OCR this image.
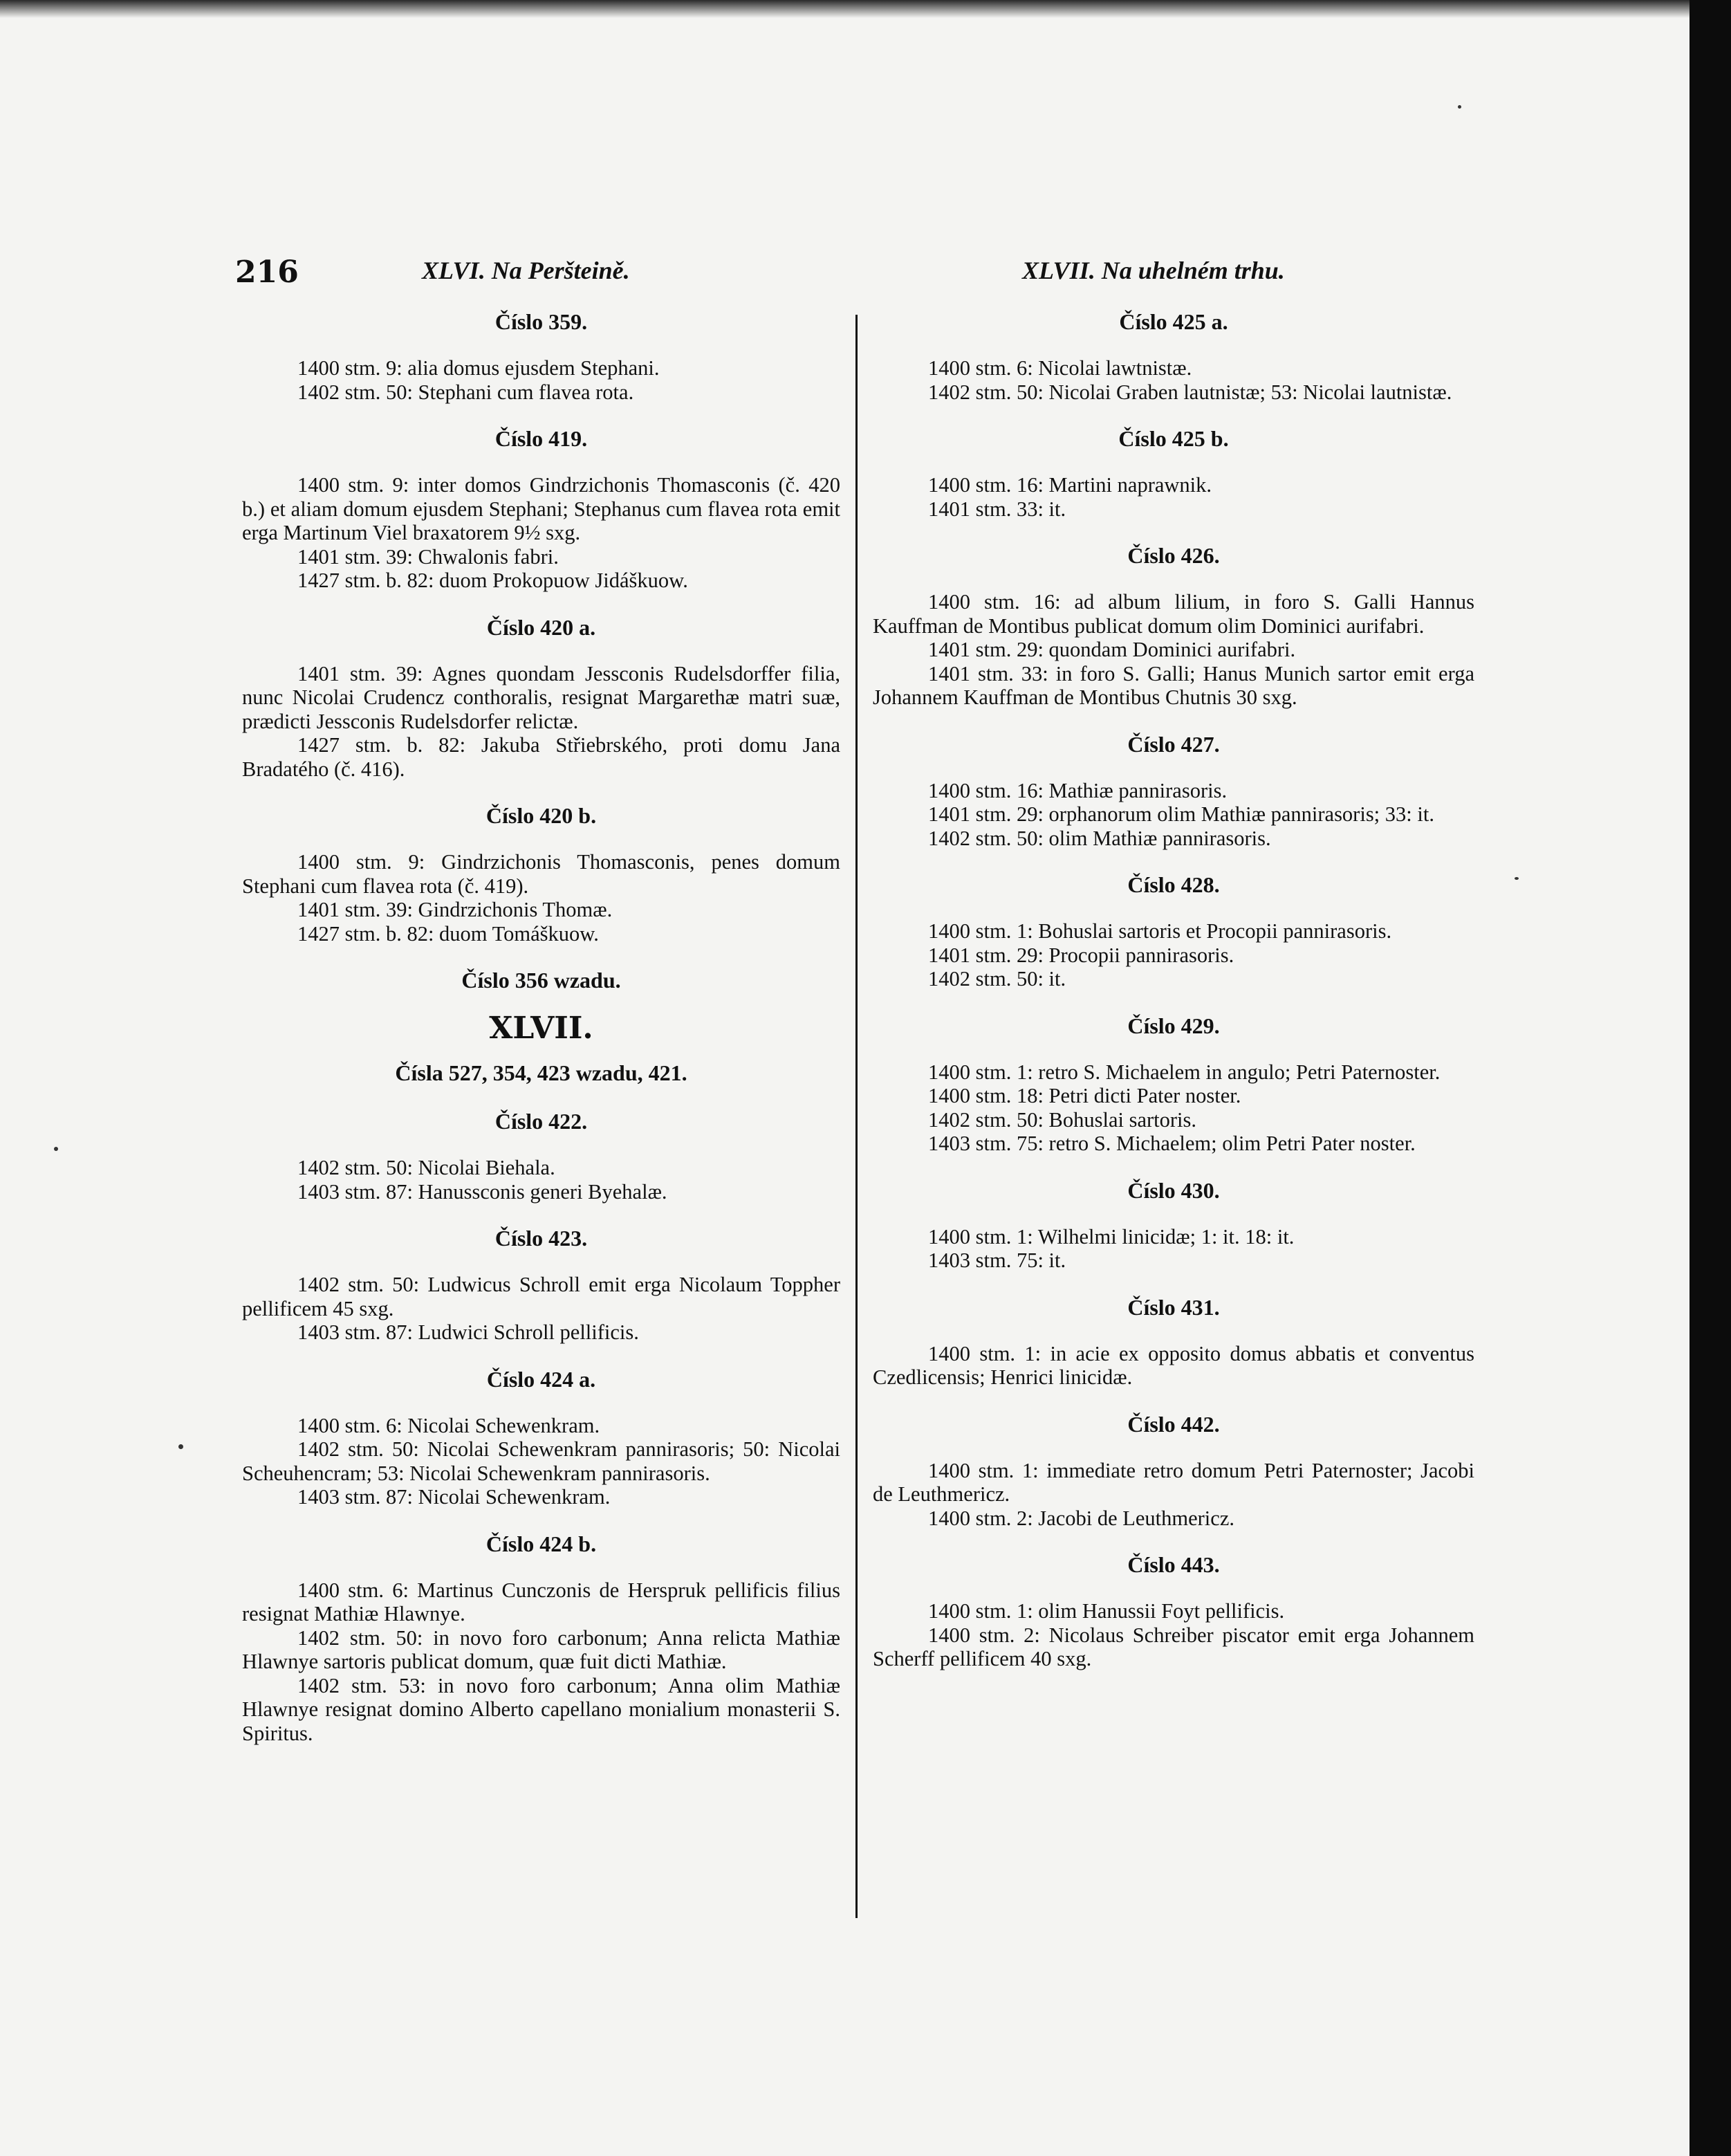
216	XLVI. Na Peršteině.	XLVII. Na uhelném trhu.

Číslo 359.

1400 stm. 9: alia domus ejusdem Stephani.

1402 stm. 50: Stephani cum flavea rota.

Číslo 419.

1400 stm. 9: inter domos Gindrzichonis Thomasconis (č. 420 b.) et aliam domum ejusdem Stephani; Stephanus cum flavea rota emit erga Martinum Viel braxatorem 9½ sxg.

1401 stm. 39: Chwalonis fabri.

1427 stm. b. 82: duom Prokopuow Jidáškuow.

Číslo 420 a.

1401 stm. 39: Agnes quondam Jessconis Rudelsdorffer filia, nunc Nicolai Crudencz conthoralis, resignat Margarethæ matri suæ, prædicti Jessconis Rudelsdorfer relictæ.

1427 stm. b. 82: Jakuba Střiebrského, proti domu Jana Bradatého (č. 416).

Číslo 420 b.

1400 stm. 9: Gindrzichonis Thomasconis, penes domum Stephani cum flavea rota (č. 419).

1401 stm. 39: Gindrzichonis Thomæ.

1427 stm. b. 82: duom Tomáškuow.

Číslo 356 wzadu.

XLVII.

Čísla 527, 354, 423 wzadu, 421.

Číslo 422.

1402 stm. 50: Nicolai Biehala.

1403 stm. 87: Hanussconis generi Byehalæ.

Číslo 423.

1402 stm. 50: Ludwicus Schroll emit erga Nicolaum Toppher pellificem 45 sxg.

1403 stm. 87: Ludwici Schroll pellificis.

Číslo 424 a.

1400 stm. 6: Nicolai Schewenkram.

1402 stm. 50: Nicolai Schewenkram pannirasoris; 50: Nicolai Scheuhencram; 53: Nicolai Schewenkram pannirasoris.

1403 stm. 87: Nicolai Schewenkram.

Číslo 424 b.

1400 stm. 6: Martinus Cunczonis de Herspruk pellificis filius resignat Mathiæ Hlawnye.

1402 stm. 50: in novo foro carbonum; Anna relicta Mathiæ Hlawnye sartoris publicat domum, quæ fuit dicti Mathiæ.

1402 stm. 53: in novo foro carbonum; Anna olim Mathiæ Hlawnye resignat domino Alberto capellano monialium monasterii S. Spiritus.

Číslo 425 a.

1400 stm. 6: Nicolai lawtnistæ.

1402 stm. 50: Nicolai Graben lautnistæ; 53: Nicolai lautnistæ.

Číslo 425 b.

1400 stm. 16: Martini naprawnik.

1401 stm. 33: it.

Číslo 426.

1400 stm. 16: ad album lilium, in foro S. Galli Hannus Kauffman de Montibus publicat domum olim Dominici aurifabri.

1401 stm. 29: quondam Dominici aurifabri.

1401 stm. 33: in foro S. Galli; Hanus Munich sartor emit erga Johannem Kauffman de Montibus Chutnis 30 sxg.

Číslo 427.

1400 stm. 16: Mathiæ pannirasoris.

1401 stm. 29: orphanorum olim Mathiæ pannirasoris; 33: it.

1402 stm. 50: olim Mathiæ pannirasoris.

Číslo 428.

1400 stm. 1: Bohuslai sartoris et Procopii pannirasoris.

1401 stm. 29: Procopii pannirasoris.

1402 stm. 50: it.

Číslo 429.

1400 stm. 1: retro S. Michaelem in angulo; Petri Paternoster.

1400 stm. 18: Petri dicti Pater noster.

1402 stm. 50: Bohuslai sartoris.

1403 stm. 75: retro S. Michaelem; olim Petri Pater noster.

Číslo 430.

1400 stm. 1: Wilhelmi linicidæ; 1: it. 18: it.

1403 stm. 75: it.

Číslo 431.

1400 stm. 1: in acie ex opposito domus abbatis et conventus Czedlicensis; Henrici linicidæ.

Číslo 442.

1400 stm. 1: immediate retro domum Petri Paternoster; Jacobi de Leuthmericz.

1400 stm. 2: Jacobi de Leuthmericz.

Číslo 443.

1400 stm. 1: olim Hanussii Foyt pellificis.

1400 stm. 2: Nicolaus Schreiber piscator emit erga Johannem Scherff pellificem 40 sxg.
